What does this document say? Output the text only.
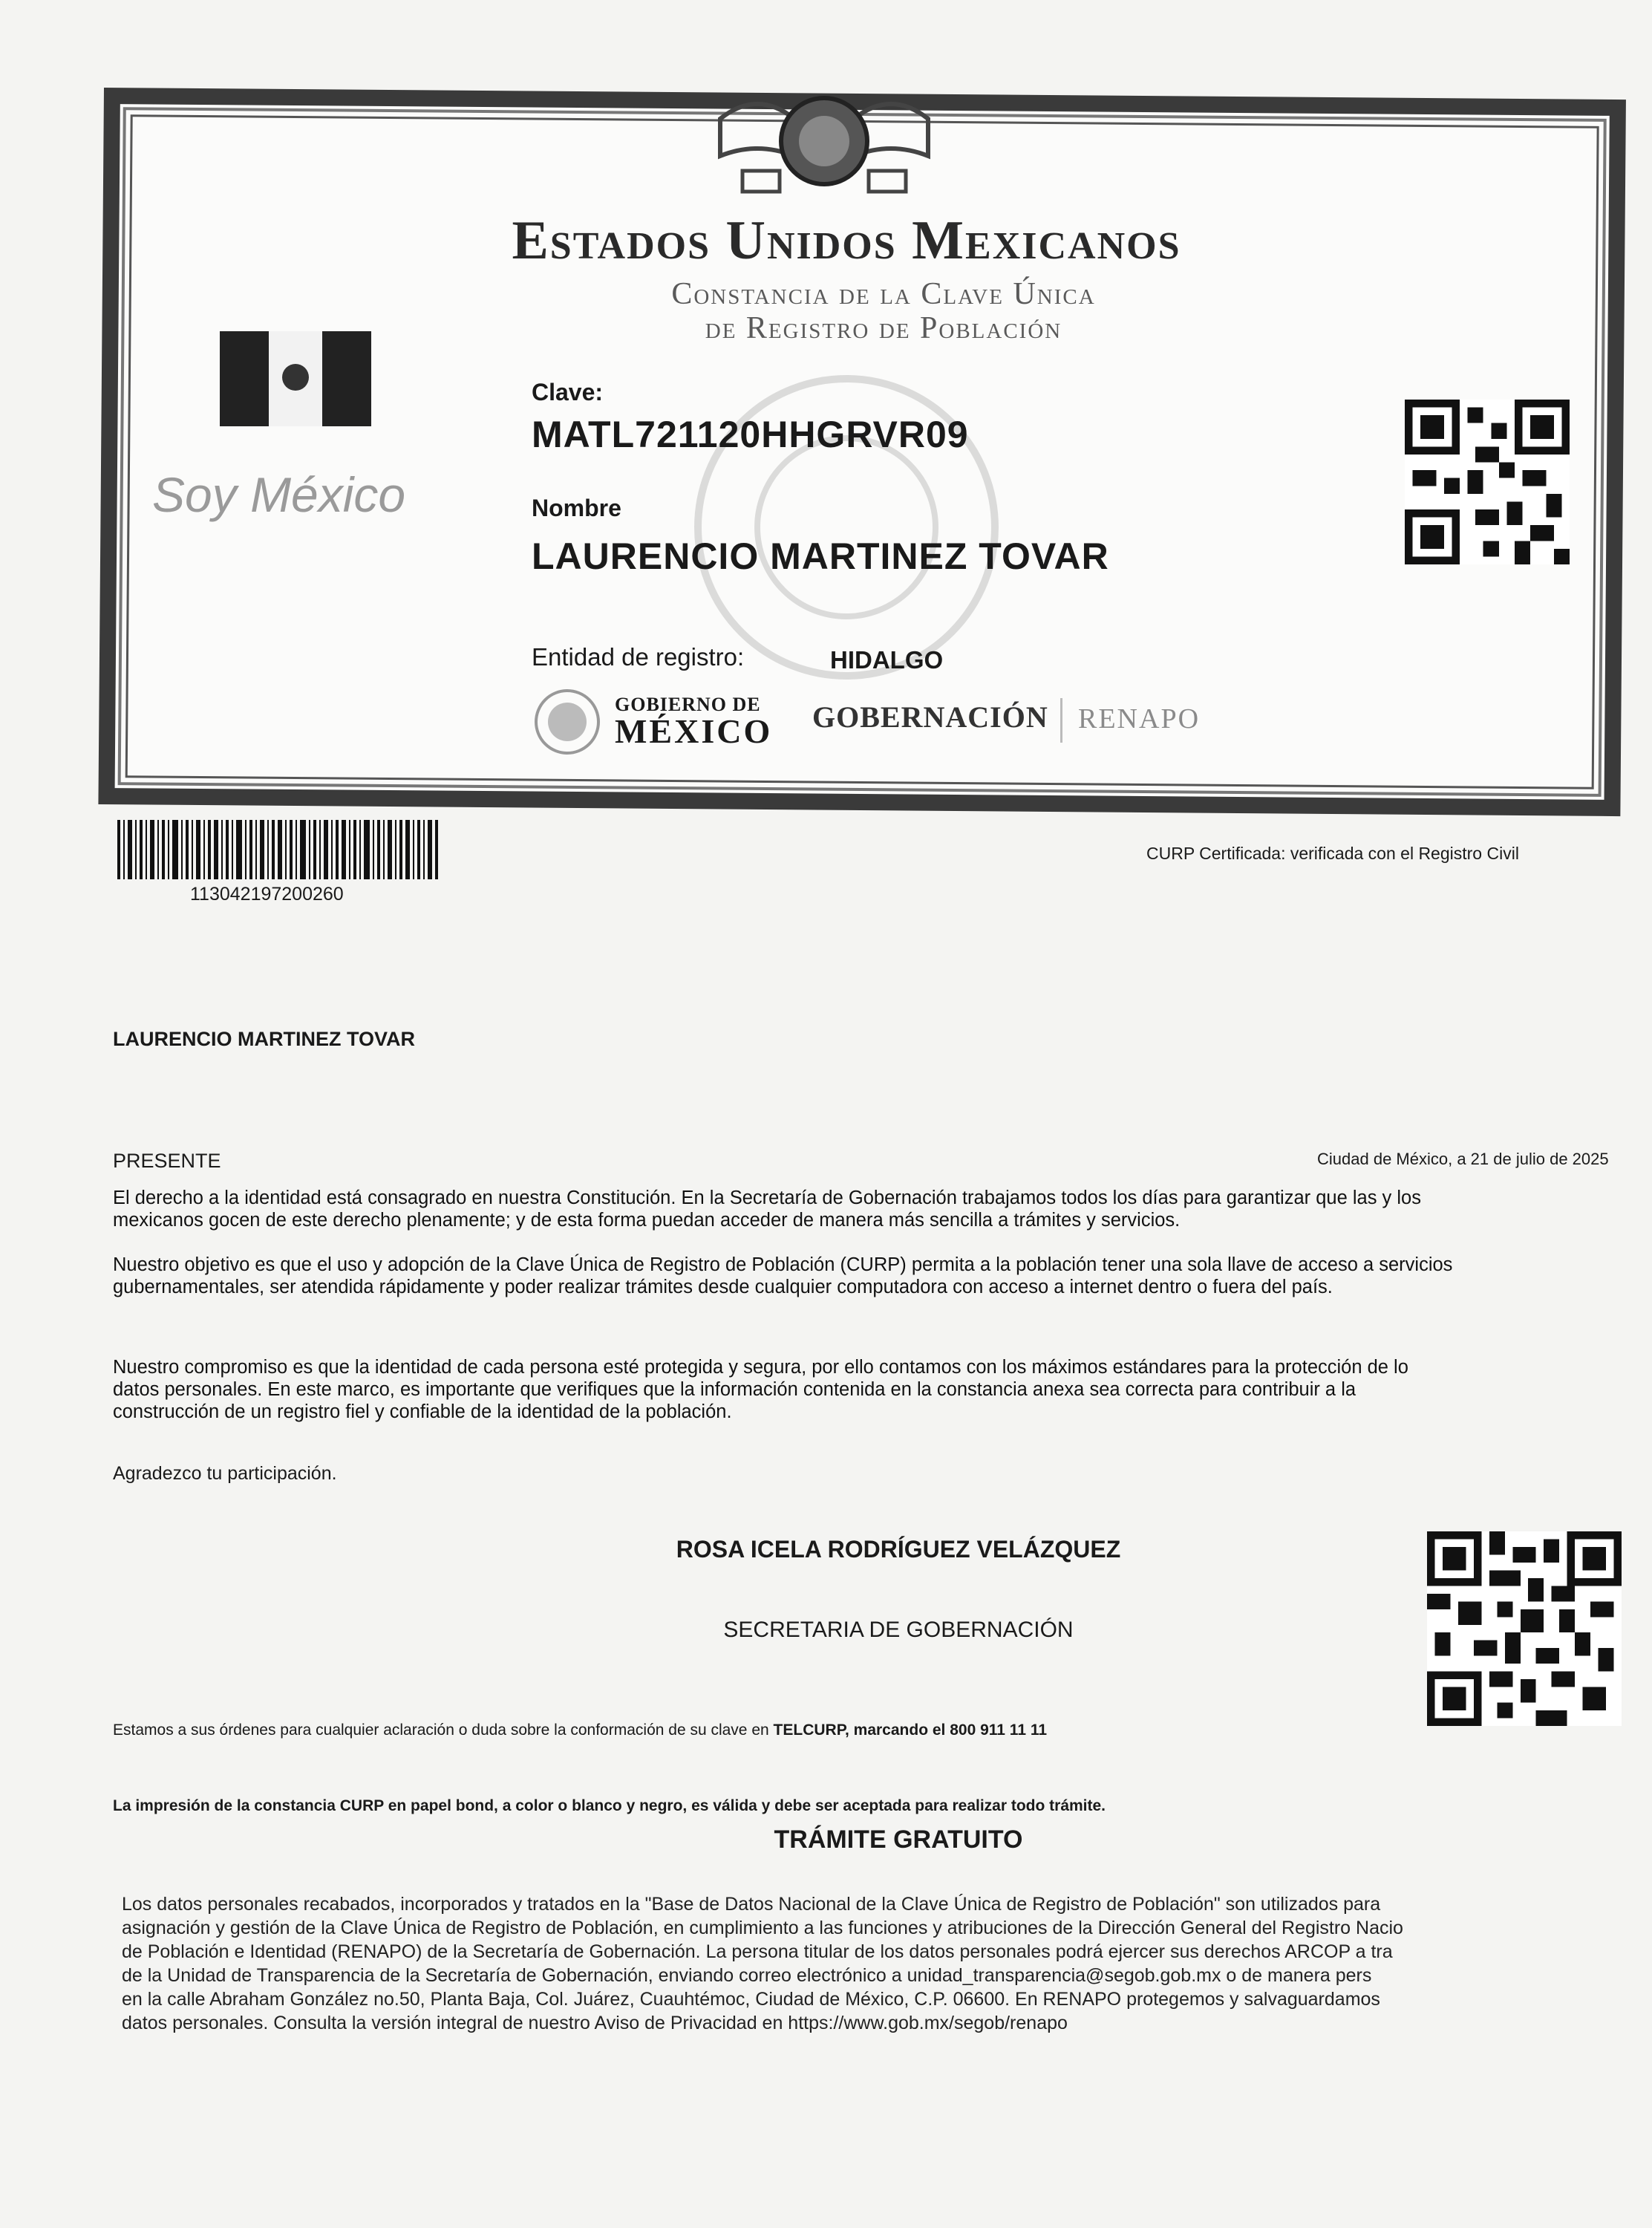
Estados Unidos Mexicanos
Constancia de la Clave Única
de Registro de Población
Soy México
Clave:
MATL721120HHGRVR09
Nombre
LAURENCIO MARTINEZ TOVAR
Entidad de registro:	HIDALGO
GOBIERNO DE
MÉXICO GOBERNACIÓN RENAPO
113042197200260
CURP Certificada: verificada con el Registro Civil
LAURENCIO MARTINEZ TOVAR
PRESENTE	Ciudad de México, a 21 de julio de 2025
El derecho a la identidad está consagrado en nuestra Constitución. En la Secretaría de Gobernación trabajamos todos los días para garantizar que las y los
mexicanos gocen de este derecho plenamente; y de esta forma puedan acceder de manera más sencilla a trámites y servicios.
Nuestro objetivo es que el uso y adopción de la Clave Única de Registro de Población (CURP) permita a la población tener una sola llave de acceso a servicios
gubernamentales, ser atendida rápidamente y poder realizar trámites desde cualquier computadora con acceso a internet dentro o fuera del país.
Nuestro compromiso es que la identidad de cada persona esté protegida y segura, por ello contamos con los máximos estándares para la protección de lo
datos personales. En este marco, es importante que verifiques que la información contenida en la constancia anexa sea correcta para contribuir a la
construcción de un registro fiel y confiable de la identidad de la población.
Agradezco tu participación.
ROSA ICELA RODRÍGUEZ VELÁZQUEZ
SECRETARIA DE GOBERNACIÓN
Estamos a sus órdenes para cualquier aclaración o duda sobre la conformación de su clave en TELCURP, marcando el 800 911 11 11
La impresión de la constancia CURP en papel bond, a color o blanco y negro, es válida y debe ser aceptada para realizar todo trámite.
TRÁMITE GRATUITO
Los datos personales recabados, incorporados y tratados en la "Base de Datos Nacional de la Clave Única de Registro de Población" son utilizados para
asignación y gestión de la Clave Única de Registro de Población, en cumplimiento a las funciones y atribuciones de la Dirección General del Registro Nacio
de Población e Identidad (RENAPO) de la Secretaría de Gobernación. La persona titular de los datos personales podrá ejercer sus derechos ARCOP a tra
de la Unidad de Transparencia de la Secretaría de Gobernación, enviando correo electrónico a unidad_transparencia@segob.gob.mx o de manera pers
en la calle Abraham González no.50, Planta Baja, Col. Juárez, Cuauhtémoc, Ciudad de México, C.P. 06600. En RENAPO protegemos y salvaguardamos
datos personales. Consulta la versión integral de nuestro Aviso de Privacidad en https://www.gob.mx/segob/renapo
